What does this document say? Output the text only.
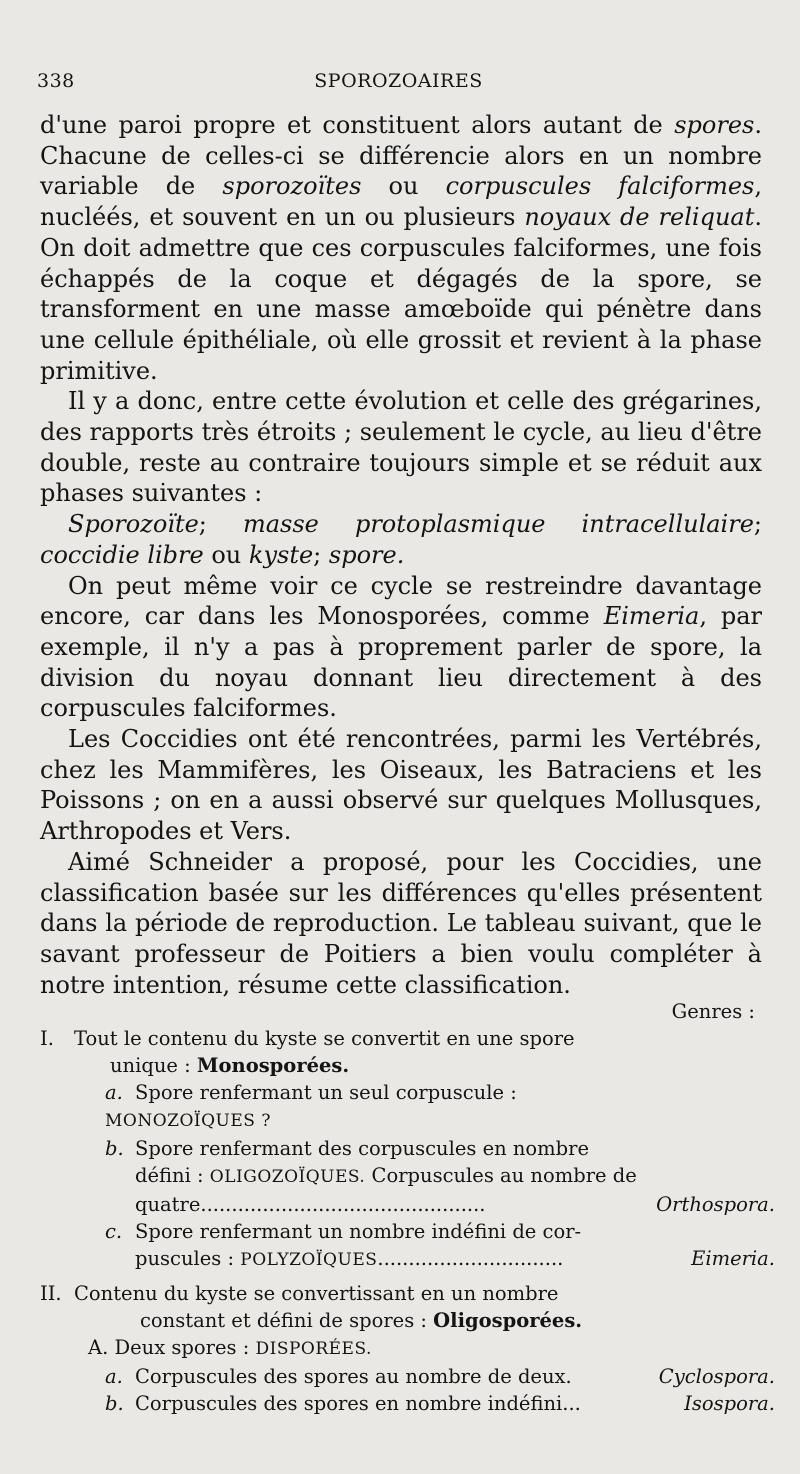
338	SPOROZOAIRES

d'une paroi propre et constituent alors autant de spores. Chacune de celles-ci se différencie alors en un nombre variable de sporozoïtes ou corpuscules falciformes, nucléés, et souvent en un ou plusieurs noyaux de reliquat. On doit admettre que ces corpuscules falciformes, une fois échappés de la coque et dégagés de la spore, se transforment en une masse amœboïde qui pénètre dans une cellule épithéliale, où elle grossit et revient à la phase primitive.

Il y a donc, entre cette évolution et celle des grégarines, des rapports très étroits ; seulement le cycle, au lieu d'être double, reste au contraire toujours simple et se réduit aux phases suivantes :

Sporozoïte; masse protoplasmique intracellulaire; coccidie libre ou kyste; spore.

On peut même voir ce cycle se restreindre davantage encore, car dans les Monosporées, comme Eimeria, par exemple, il n'y a pas à proprement parler de spore, la division du noyau donnant lieu directement à des corpuscules falciformes.

Les Coccidies ont été rencontrées, parmi les Vertébrés, chez les Mammifères, les Oiseaux, les Batraciens et les Poissons ; on en a aussi observé sur quelques Mollusques, Arthropodes et Vers.

Aimé Schneider a proposé, pour les Coccidies, une classification basée sur les différences qu'elles présentent dans la période de reproduction. Le tableau suivant, que le savant professeur de Poitiers a bien voulu compléter à notre intention, résume cette classification.

Genres :
I. Tout le contenu du kyste se convertit en une spore
unique : Monosporées.
a. Spore renfermant un seul corpuscule : MONOZOÏQUES ?
b. Spore renfermant des corpuscules en nombre
défini : OLIGOZOÏQUES. Corpuscules au nombre de
quatre..............................................	Orthospora.
c. Spore renfermant un nombre indéfini de cor-
puscules : POLYZOÏQUES..............................	Eimeria.
II. Contenu du kyste se convertissant en un nombre
constant et défini de spores : Oligosporées.
A. Deux spores : DISPORÉES.
a. Corpuscules des spores au nombre de deux.	Cyclospora.
b. Corpuscules des spores en nombre indéfini...	Isospora.
